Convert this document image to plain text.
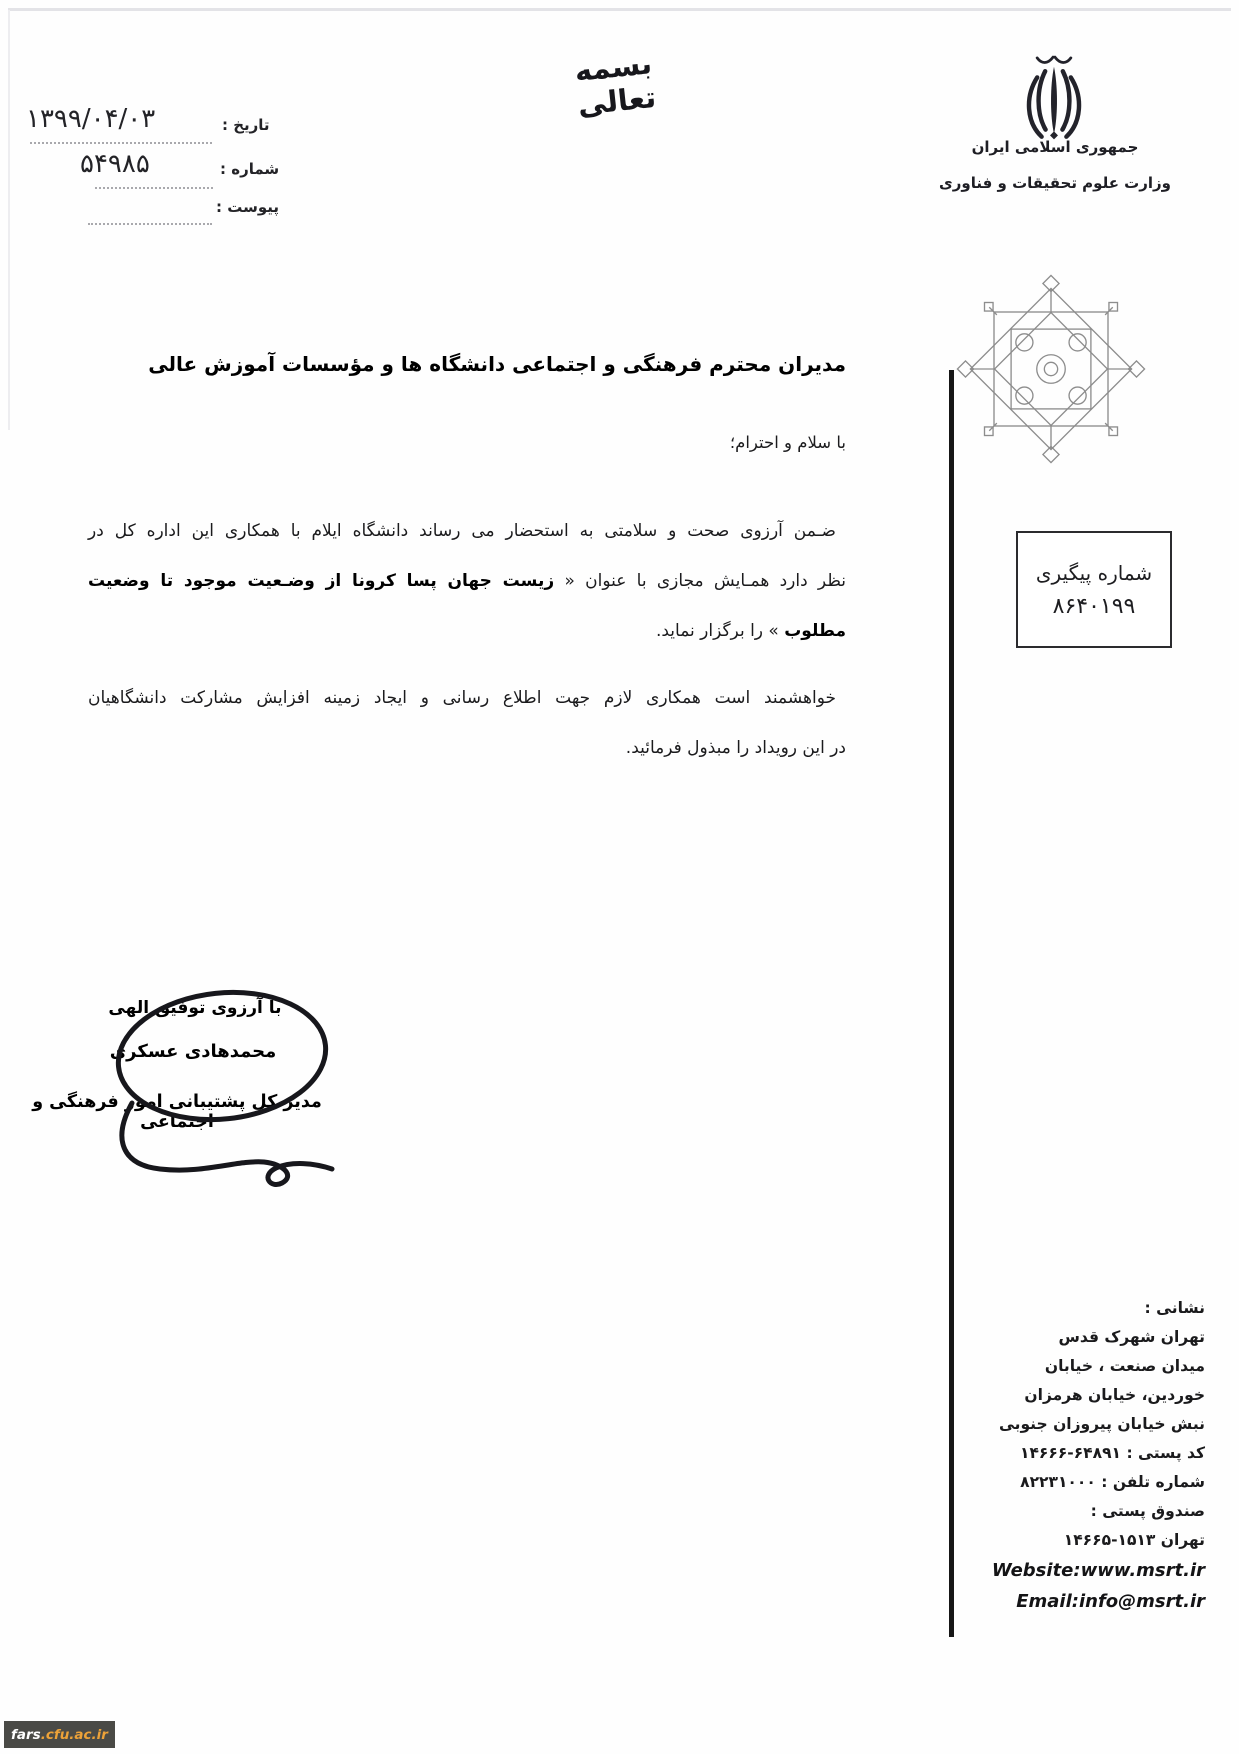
بسمه تعالی
جمهوری اسلامی ایران
وزارت علوم تحقیقات و فناوری
تاریخ :
۱۳۹۹/۰۴/۰۳
شماره :
۵۴۹۸۵
پیوست :
شماره پیگیری
۸۶۴۰۱۹۹
مدیران محترم فرهنگی و اجتماعی دانشگاه ها و مؤسسات آموزش عالی
با سلام و احترام؛
ضـمن آرزوی صحت و سلامتی به استحضار می رساند دانشگاه ایلام با همکاری این اداره کل در
نظر دارد همـایش مجازی با عنوان « زیست جهان پسا کرونا از وضـعیت موجود تا وضعیت
مطلوب » را برگزار نماید.
خواهشمند است همکاری لازم جهت اطلاع رسانی و ایجاد زمینه افزایش مشارکت دانشگاهیان
در این رویداد را مبذول فرمائید.
با آرزوی توفیق الهی
محمدهادی عسکری
مدیر کل پشتیبانی امور فرهنگی و اجتماعی
نشانی :
تهران شهرک قدس
میدان صنعت ، خیابان
خوردین، خیابان هرمزان
نبش خیابان پیروزان جنوبی
کد پستی : ۱۴۶۶۶-۶۴۸۹۱
شماره تلفن : ۸۲۲۳۱۰۰۰
صندوق پستی :
تهران ۱۴۶۶۵-۱۵۱۳
Website:www.msrt.ir
Email:info@msrt.ir
fars .cfu.ac.ir
